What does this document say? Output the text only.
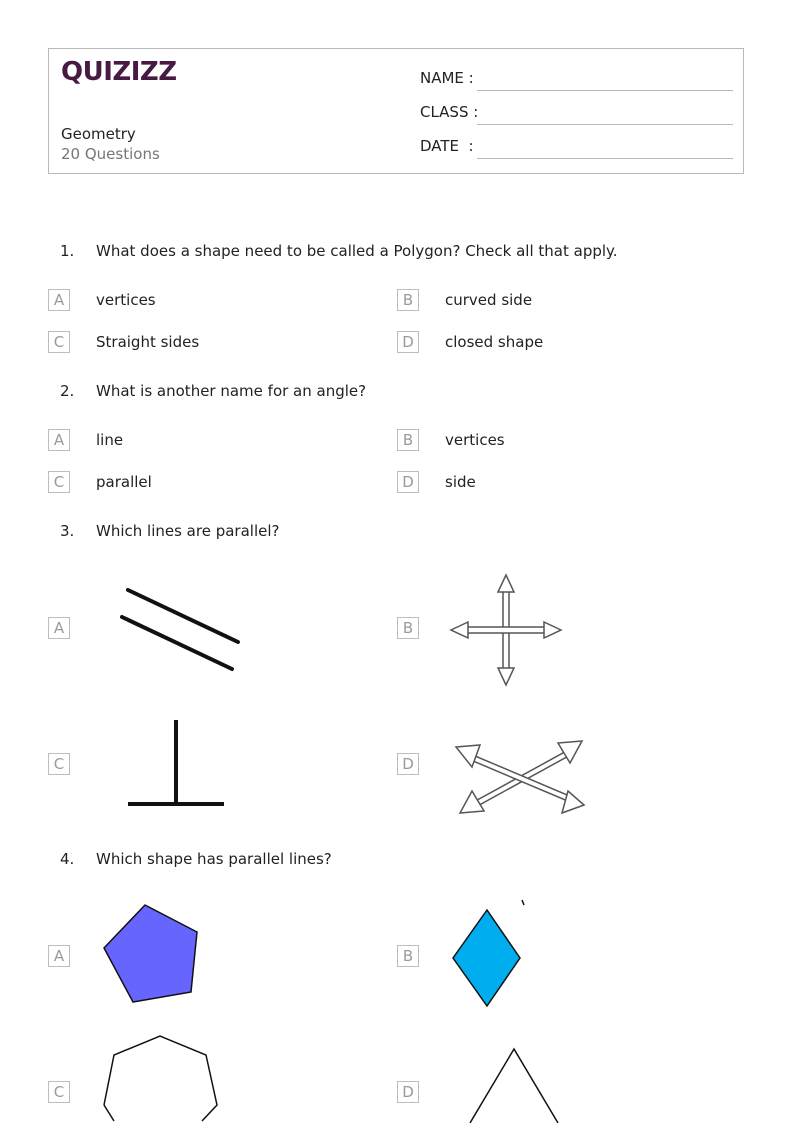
QUIZIZZ
Geometry
20 Questions
NAME :
CLASS :
DATE  :
1. What does a shape need to be called a Polygon? Check all that apply.
A	vertices	B	curved side
C	Straight sides	D	closed shape
2. What is another name for an angle?
A	line	B	vertices
C	parallel	D	side
3. Which lines are parallel?
A	B
C	D
4. Which shape has parallel lines?
A	B
C	D
